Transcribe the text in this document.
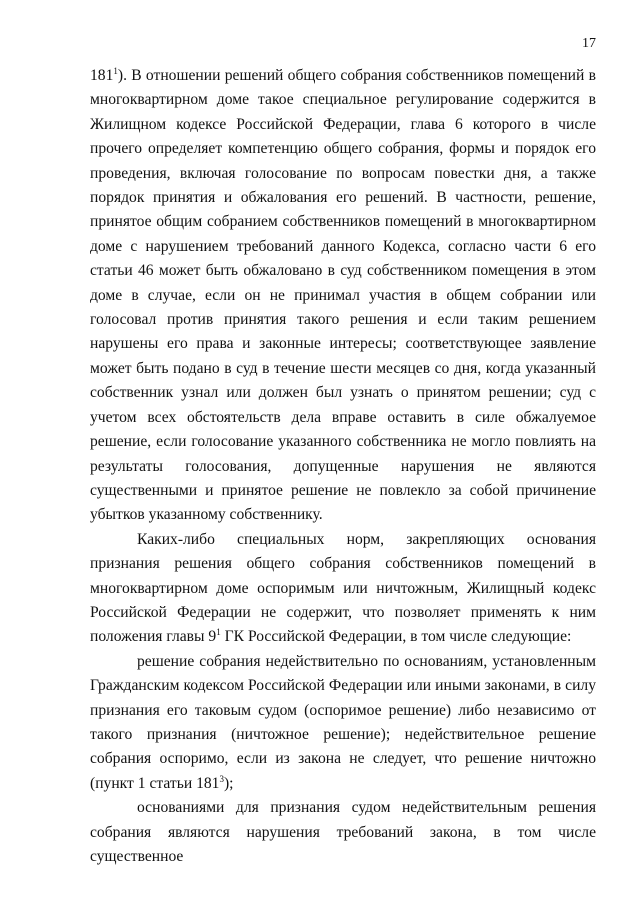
17

$181^1$). В отношении решений общего собрания собственников помещений в многоквартирном доме такое специальное регулирование содержится в Жилищном кодексе Российской Федерации, глава 6 которого в числе прочего определяет компетенцию общего собрания, формы и порядок его проведения, включая голосование по вопросам повестки дня, а также порядок принятия и обжалования его решений. В частности, решение, принятое общим собранием собственников помещений в многоквартирном доме с нарушением требований данного Кодекса, согласно части 6 его статьи 46 может быть обжаловано в суд собственником помещения в этом доме в случае, если он не принимал участия в общем собрании или голосовал против принятия такого решения и если таким решением нарушены его права и законные интересы; соответствующее заявление может быть подано в суд в течение шести месяцев со дня, когда указанный собственник узнал или должен был узнать о принятом решении; суд с учетом всех обстоятельств дела вправе оставить в силе обжалуемое решение, если голосование указанного собственника не могло повлиять на результаты голосования, допущенные нарушения не являются существенными и принятое решение не повлекло за собой причинение убытков указанному собственнику.

Каких-либо специальных норм, закрепляющих основания признания решения общего собрания собственников помещений в многоквартирном доме оспоримым или ничтожным, Жилищный кодекс Российской Федерации не содержит, что позволяет применять к ним положения главы $9^1$ ГК Российской Федерации, в том числе следующие:

решение собрания недействительно по основаниям, установленным Гражданским кодексом Российской Федерации или иными законами, в силу признания его таковым судом (оспоримое решение) либо независимо от такого признания (ничтожное решение); недействительное решение собрания оспоримо, если из закона не следует, что решение ничтожно (пункт 1 статьи $181^3$);

основаниями для признания судом недействительным решения собрания являются нарушения требований закона, в том числе существенное
